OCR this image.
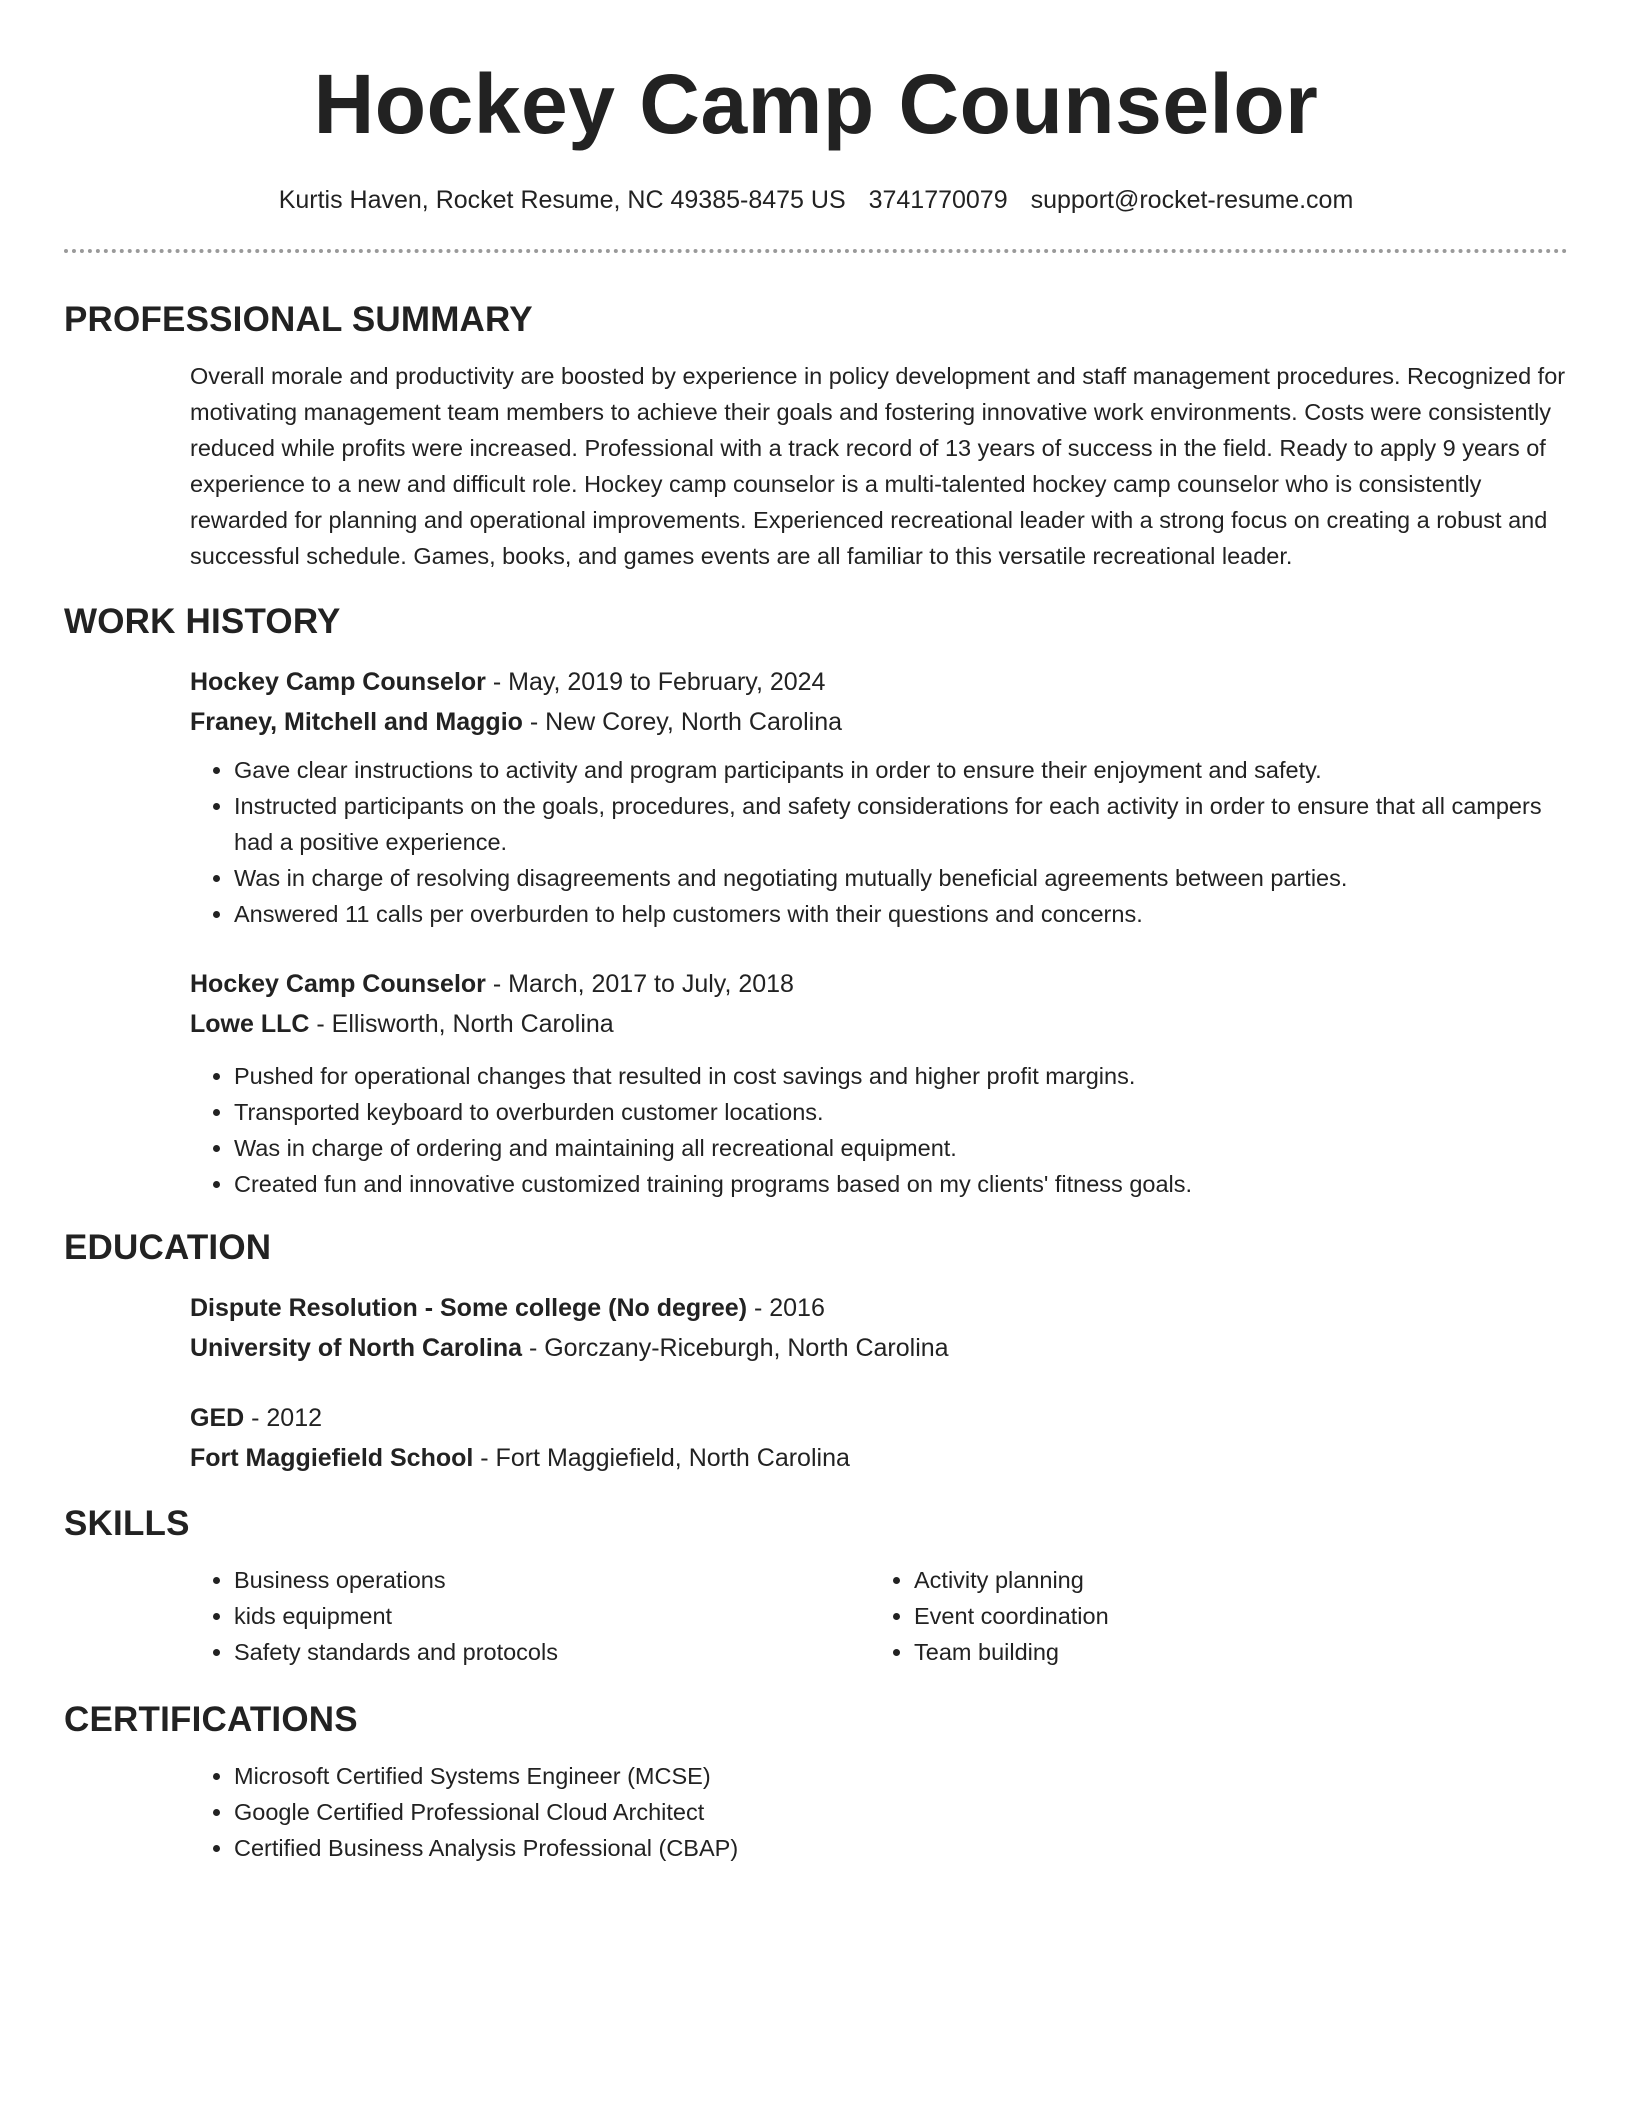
Hockey Camp Counselor
Kurtis Haven, Rocket Resume, NC 49385-8475 US 3741770079 support@rocket-resume.com
PROFESSIONAL SUMMARY
Overall morale and productivity are boosted by experience in policy development and staff management procedures. Recognized for motivating management team members to achieve their goals and fostering innovative work environments. Costs were consistently reduced while profits were increased. Professional with a track record of 13 years of success in the field. Ready to apply 9 years of experience to a new and difficult role. Hockey camp counselor is a multi-talented hockey camp counselor who is consistently rewarded for planning and operational improvements. Experienced recreational leader with a strong focus on creating a robust and successful schedule. Games, books, and games events are all familiar to this versatile recreational leader.
WORK HISTORY
Hockey Camp Counselor - May, 2019 to February, 2024
Franey, Mitchell and Maggio - New Corey, North Carolina
• Gave clear instructions to activity and program participants in order to ensure their enjoyment and safety.
• Instructed participants on the goals, procedures, and safety considerations for each activity in order to ensure that all campers had a positive experience.
• Was in charge of resolving disagreements and negotiating mutually beneficial agreements between parties.
• Answered 11 calls per overburden to help customers with their questions and concerns.
Hockey Camp Counselor - March, 2017 to July, 2018
Lowe LLC - Ellisworth, North Carolina
• Pushed for operational changes that resulted in cost savings and higher profit margins.
• Transported keyboard to overburden customer locations.
• Was in charge of ordering and maintaining all recreational equipment.
• Created fun and innovative customized training programs based on my clients' fitness goals.
EDUCATION
Dispute Resolution - Some college (No degree) - 2016
University of North Carolina - Gorczany-Riceburgh, North Carolina
GED - 2012
Fort Maggiefield School - Fort Maggiefield, North Carolina
SKILLS
• Business operations
• kids equipment
• Safety standards and protocols
• Activity planning
• Event coordination
• Team building
CERTIFICATIONS
• Microsoft Certified Systems Engineer (MCSE)
• Google Certified Professional Cloud Architect
• Certified Business Analysis Professional (CBAP)
